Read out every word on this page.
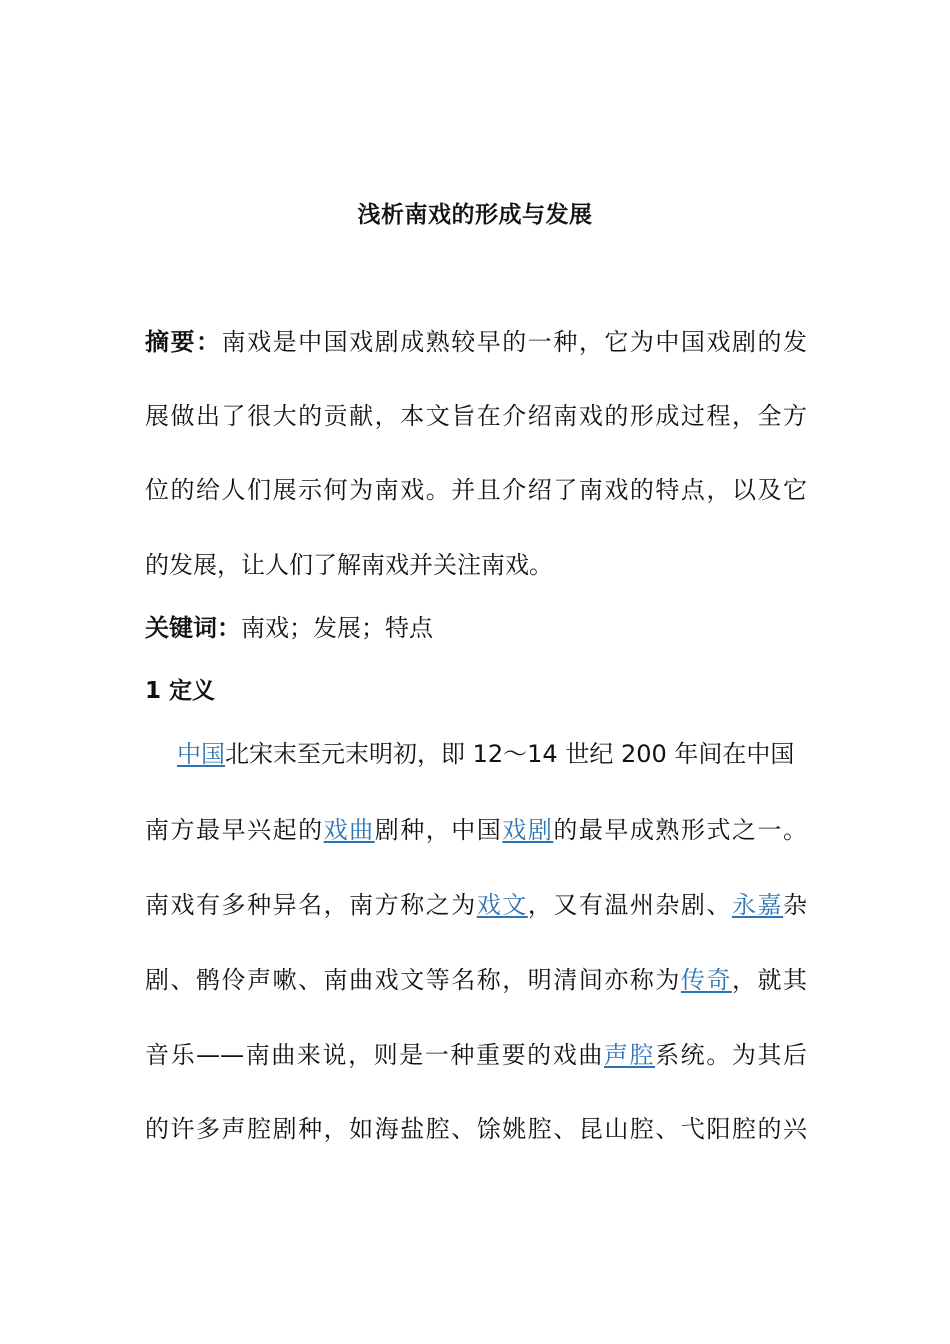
浅析南戏的形成与发展
摘要：南戏是中国戏剧成熟较早的一种，它为中国戏剧的发
展做出了很大的贡献，本文旨在介绍南戏的形成过程，全方
位的给人们展示何为南戏。并且介绍了南戏的特点，以及它
的发展，让人们了解南戏并关注南戏。
关键词：南戏；发展；特点
1 定义
中国北宋末至元末明初，即 12～14 世纪 200 年间在中国
南方最早兴起的戏曲剧种，中国戏剧的最早成熟形式之一。
南戏有多种异名，南方称之为戏文，又有温州杂剧、永嘉杂
剧、鹘伶声嗽、南曲戏文等名称，明清间亦称为传奇，就其
音乐——南曲来说，则是一种重要的戏曲声腔系统。为其后
的许多声腔剧种，如海盐腔、馀姚腔、昆山腔、弋阳腔的兴
